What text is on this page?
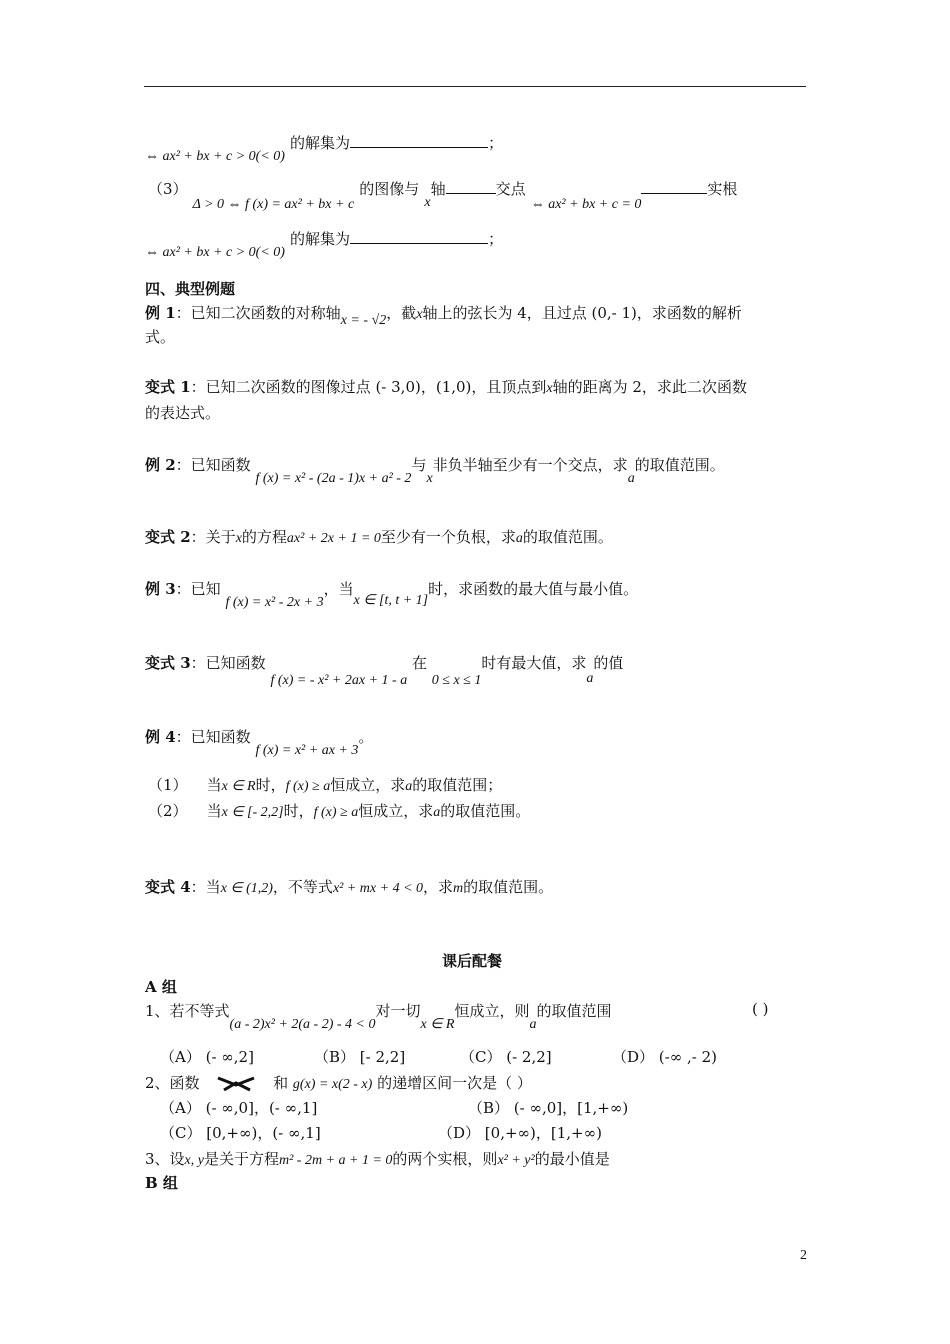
⇔ ax² + bx + c > 0(< 0) 的解集为	；
（3） Δ > 0 ⇔ f (x) = ax² + bx + c 的图像与 x轴	交点 ⇔ ax² + bx + c = 0实根
⇔ ax² + bx + c > 0(< 0) 的解集为	；
四、典型例题
例 1：已知二次函数的对称轴x = - √2，截x轴上的弦长为 4，且过点 (0,- 1)，求函数的解析
式。
变式 1：已知二次函数的图像过点 (- 3,0)，(1,0)，且顶点到x轴的距离为 2，求此二次函数
的表达式。
例 2：已知函数 f (x) = x² - (2a - 1)x + a² - 2与x非负半轴至少有一个交点，求a的取值范围。
变式 2：关于x的方程ax² + 2x + 1 = 0至少有一个负根，求a的取值范围。
例 3：已知 f (x) = x² - 2x + 3，当x ∈ [t, t + 1]时，求函数的最大值与最小值。
变式 3：已知函数 f (x) = - x² + 2ax + 1 - a 在 0 ≤ x ≤ 1时有最大值，求a的值
例 4：已知函数 f (x) = x² + ax + 3。
（1） 当x ∈ R时，f (x) ≥ a恒成立，求a的取值范围；
（2） 当x ∈ [- 2,2]时，f (x) ≥ a恒成立，求a的取值范围。
变式 4：当x ∈ (1,2)，不等式x² + mx + 4 < 0，求m的取值范围。
课后配餐
A 组
1、若不等式(a - 2)x² + 2(a - 2) - 4 < 0对一切x ∈ R恒成立，则a的取值范围	( )
（A） (- ∞,2]	（B） [- 2,2]	（C） (- 2,2]	（D） (-∞ ,- 2)
2、函数	和 g(x) = x(2 - x) 的递增区间一次是（ ）
（A） (- ∞,0]，(- ∞,1]	（B） (- ∞,0]，[1,+∞)
（C） [0,+∞)，(- ∞,1]	（D） [0,+∞)，[1,+∞)
3、设x, y是关于方程m² - 2m + a + 1 = 0的两个实根，则x² + y²的最小值是
B 组
2
